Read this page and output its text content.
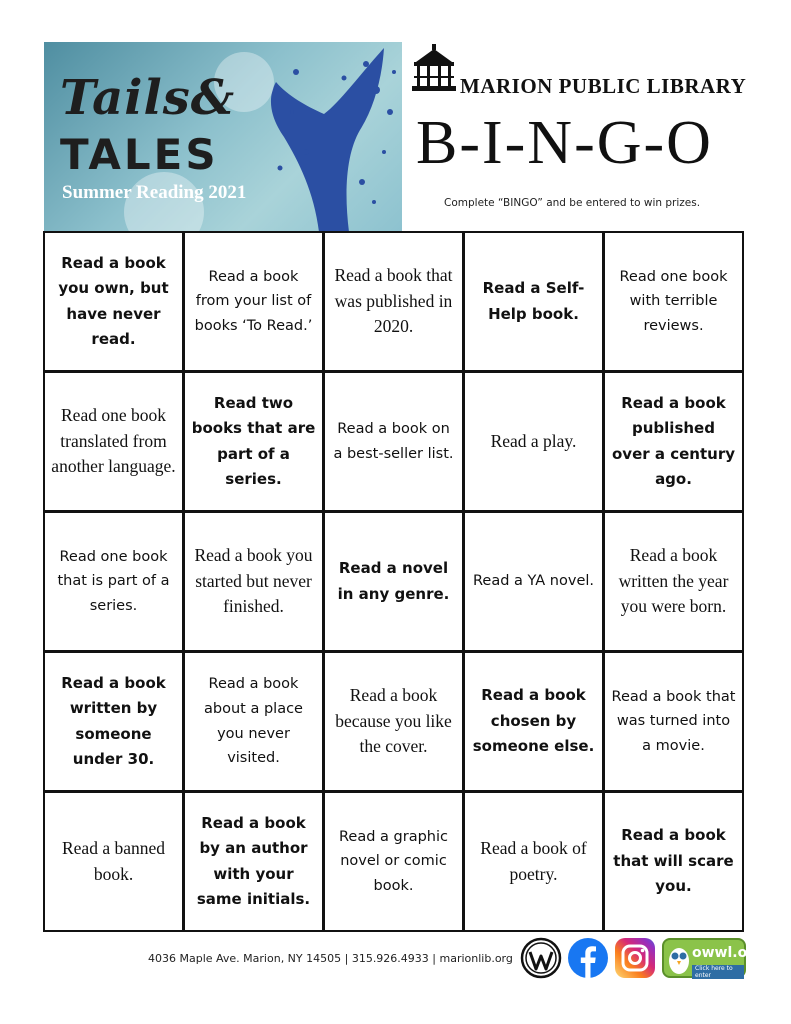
Tails&
TALES
Summer Reading 2021
MARION PUBLIC LIBRARY
B-I-N-G-O
Complete “BINGO” and be entered to win prizes.
Read a book you own, but have never read.
Read a book from your list of books ‘To Read.’
Read a book that was published in 2020.
Read a Self-Help book.
Read one book with terrible reviews.
Read one book translated from another language.
Read two books that are part of a series.
Read a book on a best-seller list.
Read a play.
Read a book published over a century ago.
Read one book that is part of a series.
Read a book you started but never finished.
Read a novel in any genre.
Read a YA novel.
Read a book written the year you were born.
Read a book written by someone under 30.
Read a book about a place you never visited.
Read a book because you like the cover.
Read a book chosen by someone else.
Read a book that was turned into a movie.
Read a banned book.
Read a book by an author with your same initials.
Read a graphic novel or comic book.
Read a book of poetry.
Read a book that will scare you.
4036 Maple Ave. Marion, NY 14505 | 315.926.4933 | marionlib.org	owwl.org
Click here to enter
